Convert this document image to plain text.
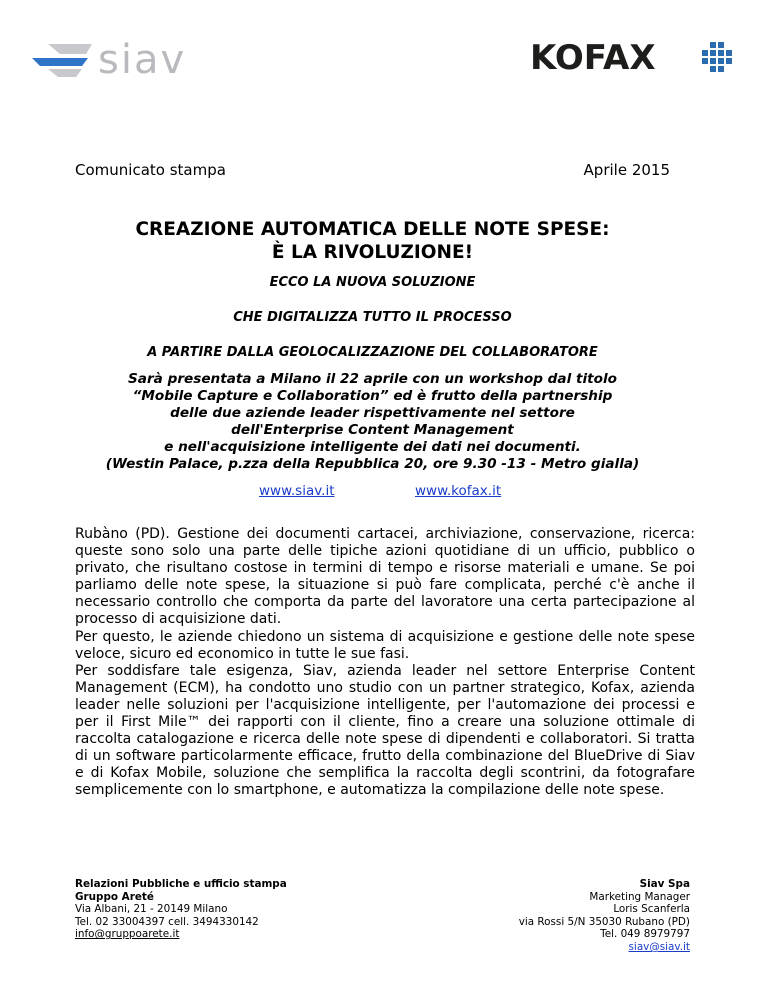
siav	KOFAX
Comunicato stampa	Aprile 2015
CREAZIONE AUTOMATICA DELLE NOTE SPESE:
È LA RIVOLUZIONE!
ECCO LA NUOVA SOLUZIONE
CHE DIGITALIZZA TUTTO IL PROCESSO
A PARTIRE DALLA GEOLOCALIZZAZIONE DEL COLLABORATORE
Sarà presentata a Milano il 22 aprile con un workshop dal titolo
“Mobile Capture e Collaboration” ed è frutto della partnership
delle due aziende leader rispettivamente nel settore
dell'Enterprise Content Management
e nell'acquisizione intelligente dei dati nei documenti.
(Westin Palace, p.zza della Repubblica 20, ore 9.30 -13 - Metro gialla)
www.siav.it	www.kofax.it

Rubàno (PD). Gestione dei documenti cartacei, archiviazione, conservazione, ricerca: queste sono solo una parte delle tipiche azioni quotidiane di un ufficio, pubblico o privato, che risultano costose in termini di tempo e risorse materiali e umane. Se poi parliamo delle note spese, la situazione si può fare complicata, perché c'è anche il necessario controllo che comporta da parte del lavoratore una certa partecipazione al processo di acquisizione dati.

Per questo, le aziende chiedono un sistema di acquisizione e gestione delle note spese veloce, sicuro ed economico in tutte le sue fasi.

Per soddisfare tale esigenza, Siav, azienda leader nel settore Enterprise Content Management (ECM), ha condotto uno studio con un partner strategico, Kofax, azienda leader nelle soluzioni per l'acquisizione intelligente, per l'automazione dei processi e per il First Mile™ dei rapporti con il cliente, fino a creare una soluzione ottimale di raccolta catalogazione e ricerca delle note spese di dipendenti e collaboratori. Si tratta di un software particolarmente efficace, frutto della combinazione del BlueDrive di Siav e di Kofax Mobile, soluzione che semplifica la raccolta degli scontrini, da fotografare semplicemente con lo smartphone, e automatizza la compilazione delle note spese.

Relazioni Pubbliche e ufficio stampa
Gruppo Areté
Via Albani, 21 - 20149 Milano
Tel. 02 33004397 cell. 3494330142
info@gruppoarete.it
Siav Spa
Marketing Manager
Loris Scanferla
via Rossi 5/N 35030 Rubano (PD)
Tel. 049 8979797
siav@siav.it
